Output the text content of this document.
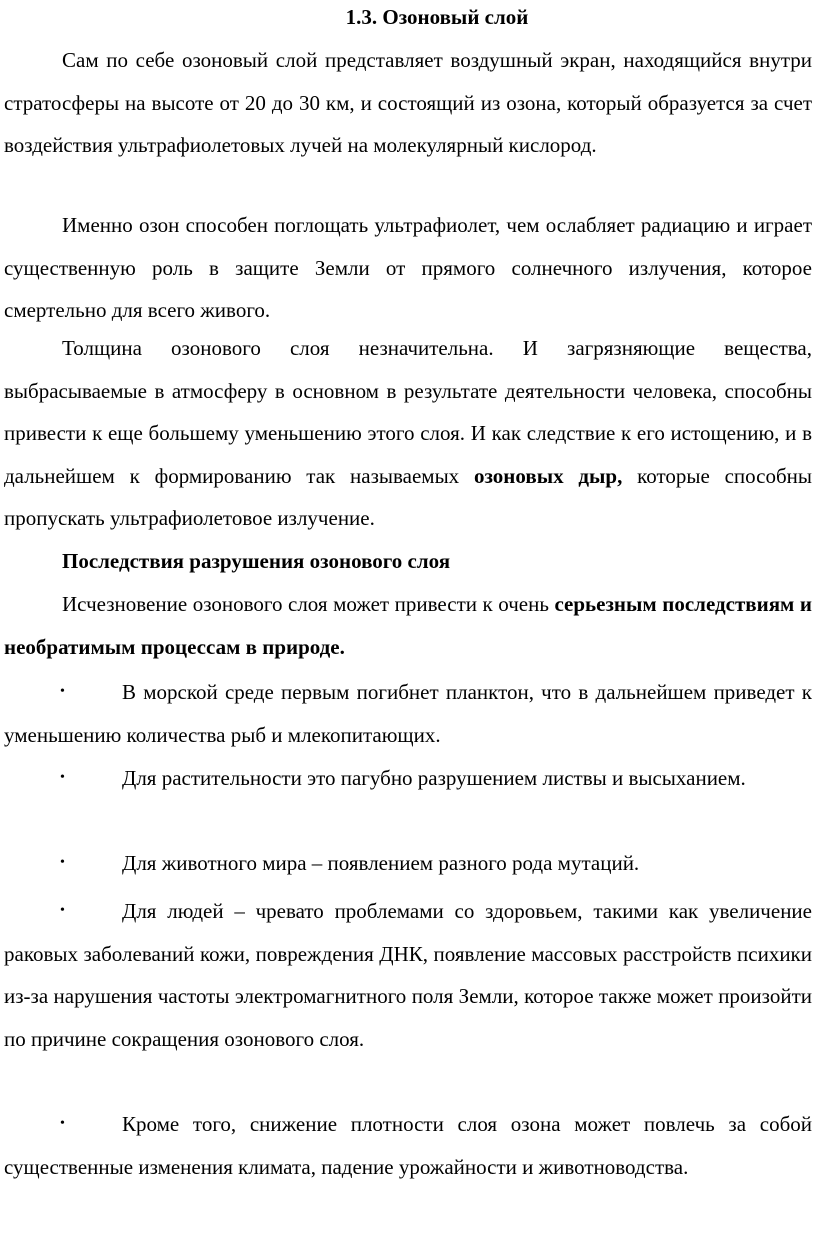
1.3. Озоновый слой

Сам по себе озоновый слой представляет воздушный экран, находящийся внутри стратосферы на высоте от 20 до 30 км, и состоящий из озона, который образуется за счет воздействия ультрафиолетовых лучей на молекулярный кислород.

Именно озон способен поглощать ультрафиолет, чем ослабляет радиацию и играет существенную роль в защите Земли от прямого солнечного излучения, которое смертельно для всего живого.

Толщина озонового слоя незначительна. И загрязняющие вещества, выбрасываемые в атмосферу в основном в результате деятельности человека, способны привести к еще большему уменьшению этого слоя. И как следствие к его истощению, и в дальнейшем к формированию так называемых озоновых дыр, которые способны пропускать ультрафиолетовое излучение.

Последствия разрушения озонового слоя

Исчезновение озонового слоя может привести к очень серьезным последствиям и необратимым процессам в природе.

•	В морской среде первым погибнет планктон, что в дальнейшем приведет к уменьшению количества рыб и млекопитающих.

•	Для растительности это пагубно разрушением листвы и высыханием.

•	Для животного мира – появлением разного рода мутаций.

•	Для людей – чревато проблемами со здоровьем, такими как увеличение раковых заболеваний кожи, повреждения ДНК, появление массовых расстройств психики из-за нарушения частоты электромагнитного поля Земли, которое также может произойти по причине сокращения озонового слоя.

•	Кроме того, снижение плотности слоя озона может повлечь за собой существенные изменения климата, падение урожайности и животноводства.
